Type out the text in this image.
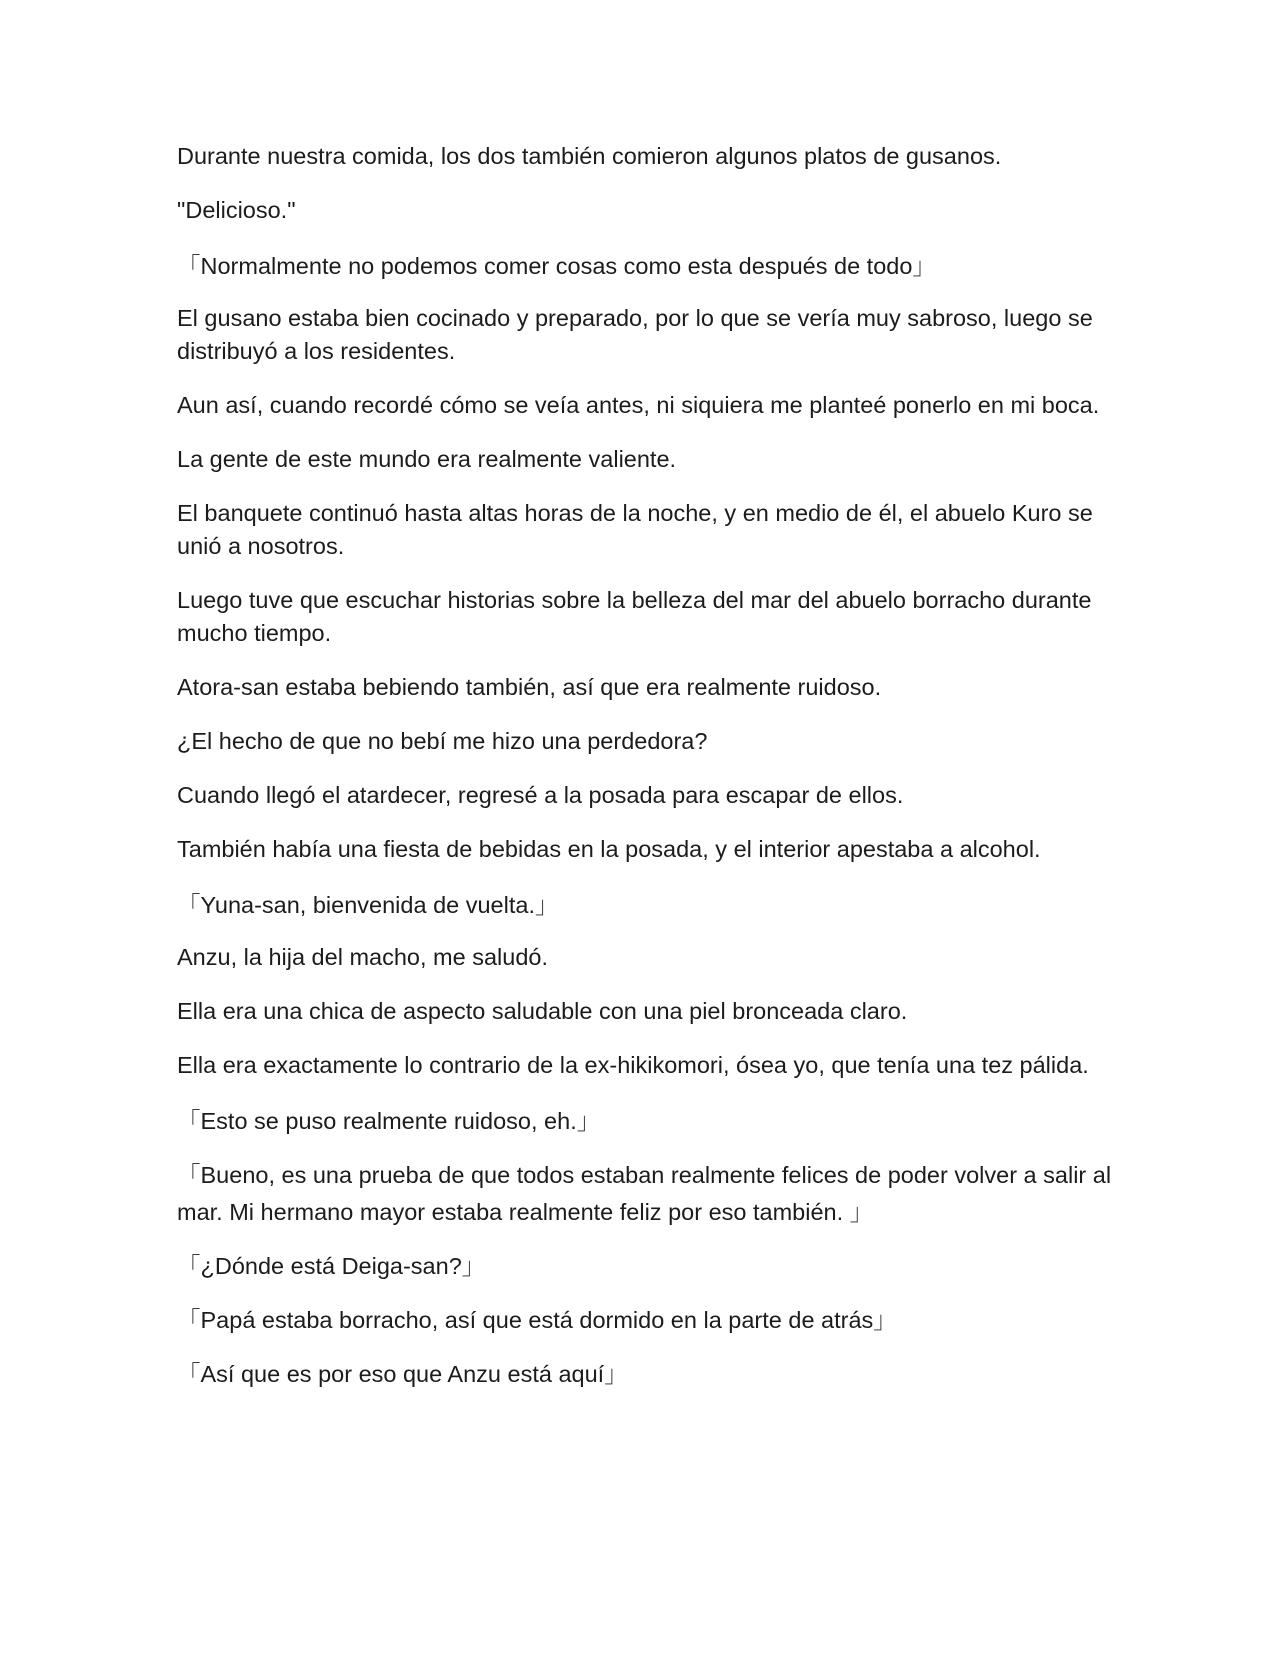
Durante nuestra comida, los dos también comieron algunos platos de gusanos.

"Delicioso."

「Normalmente no podemos comer cosas como esta después de todo」

El gusano estaba bien cocinado y preparado, por lo que se vería muy sabroso, luego se distribuyó a los residentes.

Aun así, cuando recordé cómo se veía antes, ni siquiera me planteé ponerlo en mi boca.

La gente de este mundo era realmente valiente.

El banquete continuó hasta altas horas de la noche, y en medio de él, el abuelo Kuro se unió a nosotros.

Luego tuve que escuchar historias sobre la belleza del mar del abuelo borracho durante mucho tiempo.

Atora-san estaba bebiendo también, así que era realmente ruidoso.

¿El hecho de que no bebí me hizo una perdedora?

Cuando llegó el atardecer, regresé a la posada para escapar de ellos.

También había una fiesta de bebidas en la posada, y el interior apestaba a alcohol.

「Yuna-san, bienvenida de vuelta.」

Anzu, la hija del macho, me saludó.

Ella era una chica de aspecto saludable con una piel bronceada claro.

Ella era exactamente lo contrario de la ex-hikikomori, ósea yo, que tenía una tez pálida.

「Esto se puso realmente ruidoso, eh.」

「Bueno, es una prueba de que todos estaban realmente felices de poder volver a salir al mar. Mi hermano mayor estaba realmente feliz por eso también. 」

「¿Dónde está Deiga-san?」

「Papá estaba borracho, así que está dormido en la parte de atrás」

「Así que es por eso que Anzu está aquí」
